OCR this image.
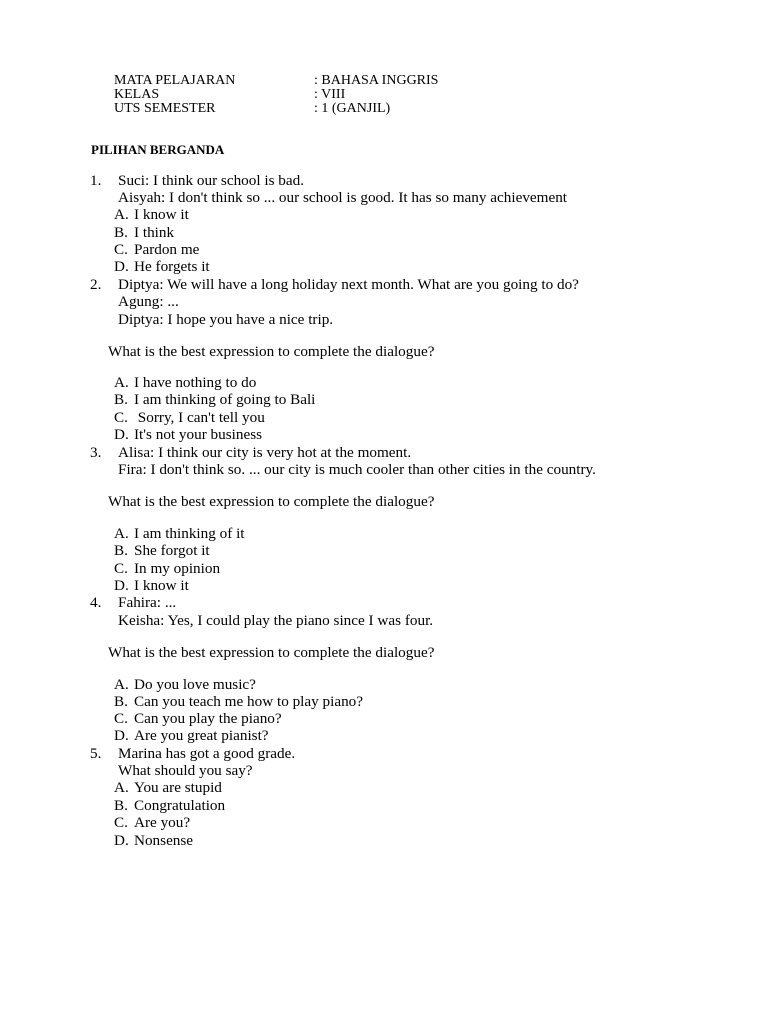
MATA PELAJARAN	: BAHASA INGGRIS
KELAS	: VIII
UTS SEMESTER	: 1 (GANJIL)
PILIHAN BERGANDA
1. Suci: I think our school is bad.
Aisyah: I don't think so ... our school is good. It has so many achievement
A. I know it
B. I think
C. Pardon me
D. He forgets it
2. Diptya: We will have a long holiday next month. What are you going to do?
Agung: ...
Diptya: I hope you have a nice trip.
What is the best expression to complete the dialogue?
A. I have nothing to do
B. I am thinking of going to Bali
C. Sorry, I can't tell you
D. It's not your business
3. Alisa: I think our city is very hot at the moment.
Fira: I don't think so. ... our city is much cooler than other cities in the country.
What is the best expression to complete the dialogue?
A. I am thinking of it
B. She forgot it
C. In my opinion
D. I know it
4. Fahira: ...
Keisha: Yes, I could play the piano since I was four.
What is the best expression to complete the dialogue?
A. Do you love music?
B. Can you teach me how to play piano?
C. Can you play the piano?
D. Are you great pianist?
5. Marina has got a good grade.
What should you say?
A. You are stupid
B. Congratulation
C. Are you?
D. Nonsense
